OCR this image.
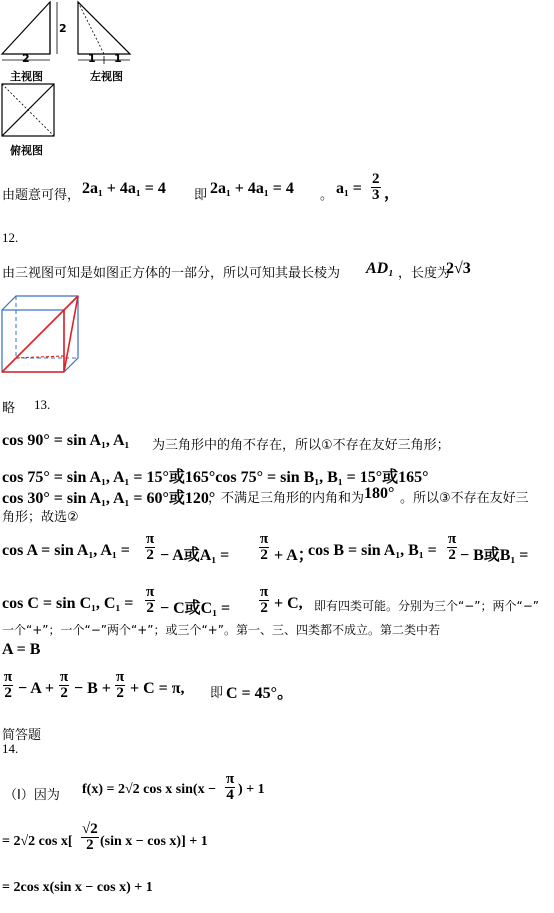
2
2
1 1
主视图	左视图
俯视图
由题意可得， 2a₁ + 4a₁ = 4 即 2a₁ + 4a₁ = 4 。 $a_1 = \frac{2}{3}$ ，
12.
由三视图可知是如图正方体的一部分，所以可知其最长棱为 AD₁ ，长度为
2√3
略 13.
cos 90° = sin A₁, A₁ 为三角形中的角不存在，所以①不存在友好三角形；
cos 75° = sin A₁, A₁ = 15°或165°cos 75° = sin B₁, B₁ = 15°或165°
cos 30° = sin A₁, A₁ = 60°或120°
，不满足三角形的内角和为 180° 。所以③不存在友好三
角形；故选②
cos A = sin A₁, $A_1 = \frac{\pi}{2} - A$或$A_1 = \frac{\pi}{2} + A$；
cos B = sin A₁, $B_1 = \frac{\pi}{2} - B$或B₁ =
cos C = sin C₁, $C_1 = \frac{\pi}{2} - C$或$C_1 = \frac{\pi}{2} + C$, 即有四类可能。分别为三个“−”；两个“−”
一个“+”；一个“−”两个“+”；或三个“+”。第一、三、四类都不成立。第二类中若
A = B
$\frac{\pi}{2} - A + \frac{\pi}{2} - B + \frac{\pi}{2} + C = \pi$, 即 C = 45°。
简答题
14.
（Ⅰ）因为 f(x) = 2√2 cos x $\sin(x - \frac{\pi}{4}$ ) + 1
= 2√2 $\cos x[ \frac{√2}{2} (\sin$ x − cos x)] + 1
= 2cos x(sin x − cos x) + 1
